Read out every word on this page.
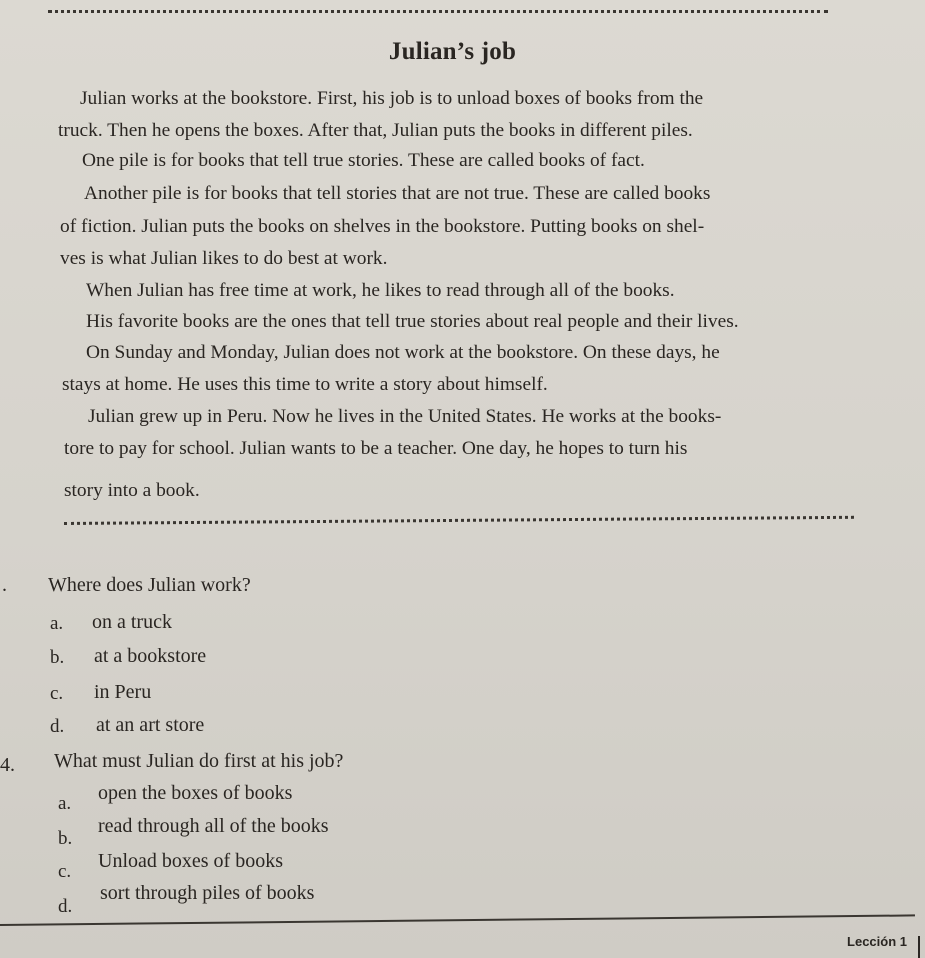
Julian’s job
Julian works at the bookstore. First, his job is to unload boxes of books from the
truck. Then he opens the boxes. After that, Julian puts the books in different piles.
One pile is for books that tell true stories. These are called books of fact.
Another pile is for books that tell stories that are not true. These are called books
of fiction. Julian puts the books on shelves in the bookstore. Putting books on shel-
ves is what Julian likes to do best at work.
When Julian has free time at work, he likes to read through all of the books.
His favorite books are the ones that tell true stories about real people and their lives.
On Sunday and Monday, Julian does not work at the bookstore. On these days, he
stays at home. He uses this time to write a story about himself.
Julian grew up in Peru. Now he lives in the United States. He works at the books-
tore to pay for school. Julian wants to be a teacher. One day, he hopes to turn his
story into a book.
. Where does Julian work?
a. on a truck
b. at a bookstore
c. in Peru
d. at an art store
4. What must Julian do first at his job?
a. open the boxes of books
b.
read through all of the books
c. Unload boxes of books
d.
sort through piles of books
Lección 1
